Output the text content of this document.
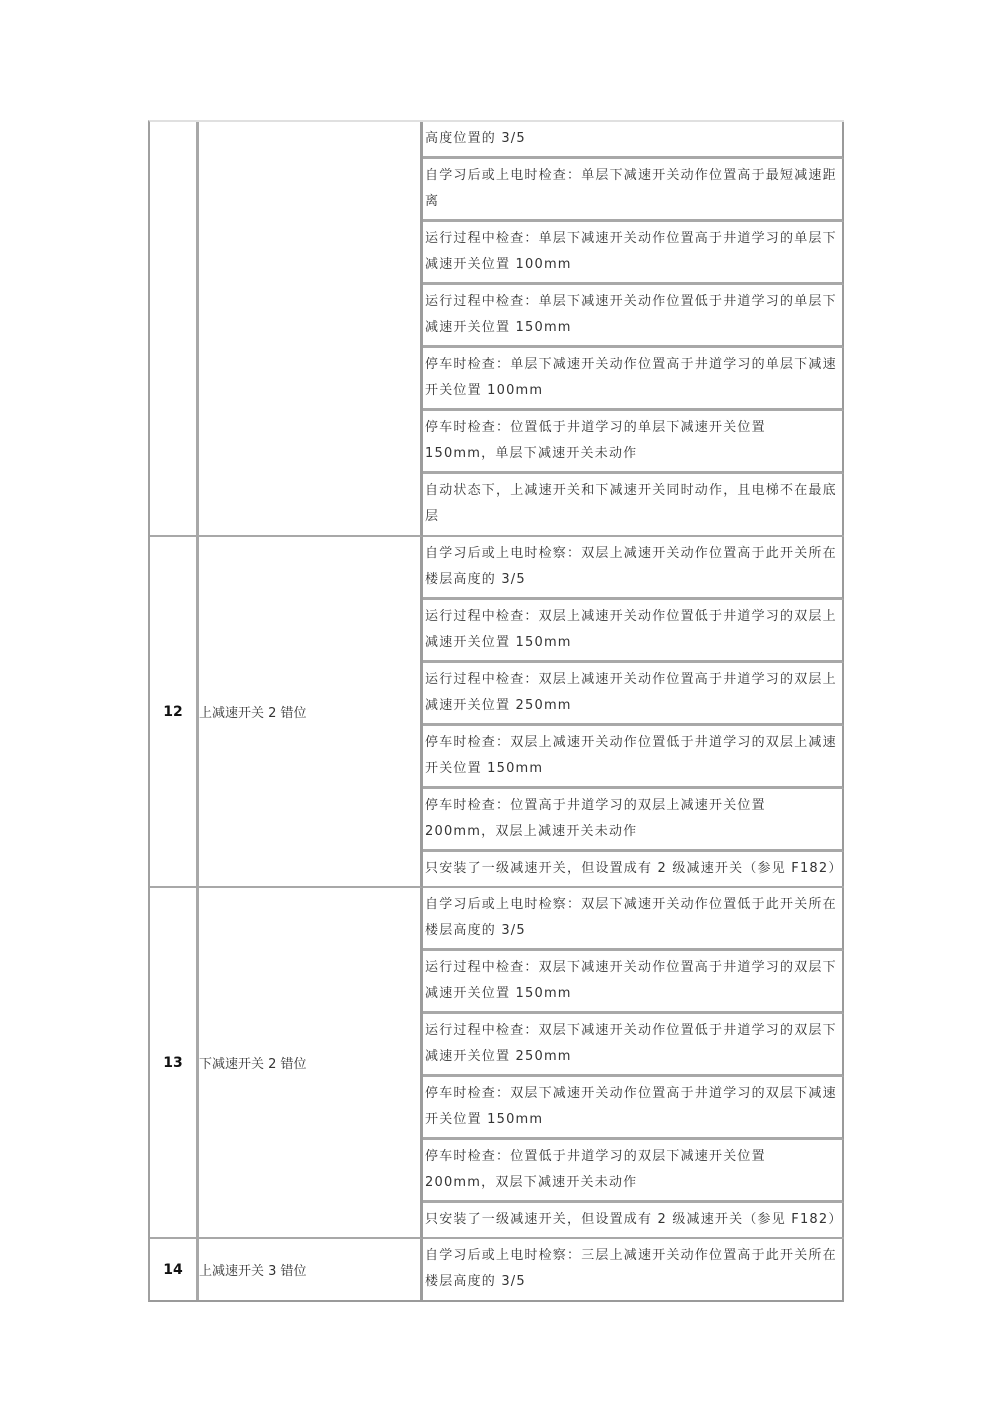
高度位置的 3/5
自学习后或上电时检查：单层下减速开关动作位置高于最短减速距离
运行过程中检查：单层下减速开关动作位置高于井道学习的单层下减速开关位置 100mm
运行过程中检查：单层下减速开关动作位置低于井道学习的单层下减速开关位置 150mm
停车时检查：单层下减速开关动作位置高于井道学习的单层下减速开关位置 100mm
停车时检查：位置低于井道学习的单层下减速开关位置 150mm，单层下减速开关未动作
自动状态下，上减速开关和下减速开关同时动作，且电梯不在最底层

12	上减速开关 2 错位	
自学习后或上电时检察：双层上减速开关动作位置高于此开关所在楼层高度的 3/5
运行过程中检查：双层上减速开关动作位置低于井道学习的双层上减速开关位置 150mm
运行过程中检查：双层上减速开关动作位置高于井道学习的双层上减速开关位置 250mm
停车时检查：双层上减速开关动作位置低于井道学习的双层上减速开关位置 150mm
停车时检查：位置高于井道学习的双层上减速开关位置 200mm，双层上减速开关未动作
只安装了一级减速开关，但设置成有 2 级减速开关（参见 F182）

13	下减速开关 2 错位	
自学习后或上电时检察：双层下减速开关动作位置低于此开关所在楼层高度的 3/5
运行过程中检查：双层下减速开关动作位置高于井道学习的双层下减速开关位置 150mm
运行过程中检查：双层下减速开关动作位置低于井道学习的双层下减速开关位置 250mm
停车时检查：双层下减速开关动作位置高于井道学习的双层下减速开关位置 150mm
停车时检查：位置低于井道学习的双层下减速开关位置 200mm，双层下减速开关未动作
只安装了一级减速开关，但设置成有 2 级减速开关（参见 F182）

14	上减速开关 3 错位	自学习后或上电时检察：三层上减速开关动作位置高于此开关所在楼层高度的 3/5
